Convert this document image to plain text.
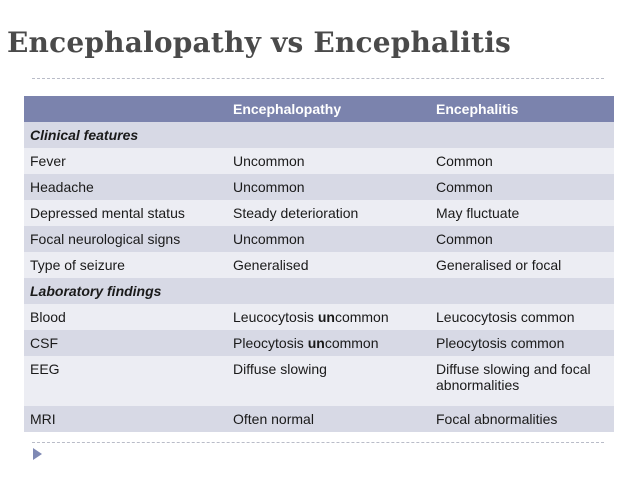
Encephalopathy vs Encephalitis
	Encephalopathy	Encephalitis
Clinical features		
Fever	Uncommon	Common
Headache	Uncommon	Common
Depressed mental status	Steady deterioration	May fluctuate
Focal neurological signs	Uncommon	Common
Type of seizure	Generalised	Generalised or focal
Laboratory findings		
Blood	Leucocytosis uncommon	Leucocytosis common
CSF	Pleocytosis uncommon	Pleocytosis common
EEG	Diffuse slowing	Diffuse slowing and focal abnormalities
MRI	Often normal	Focal abnormalities
